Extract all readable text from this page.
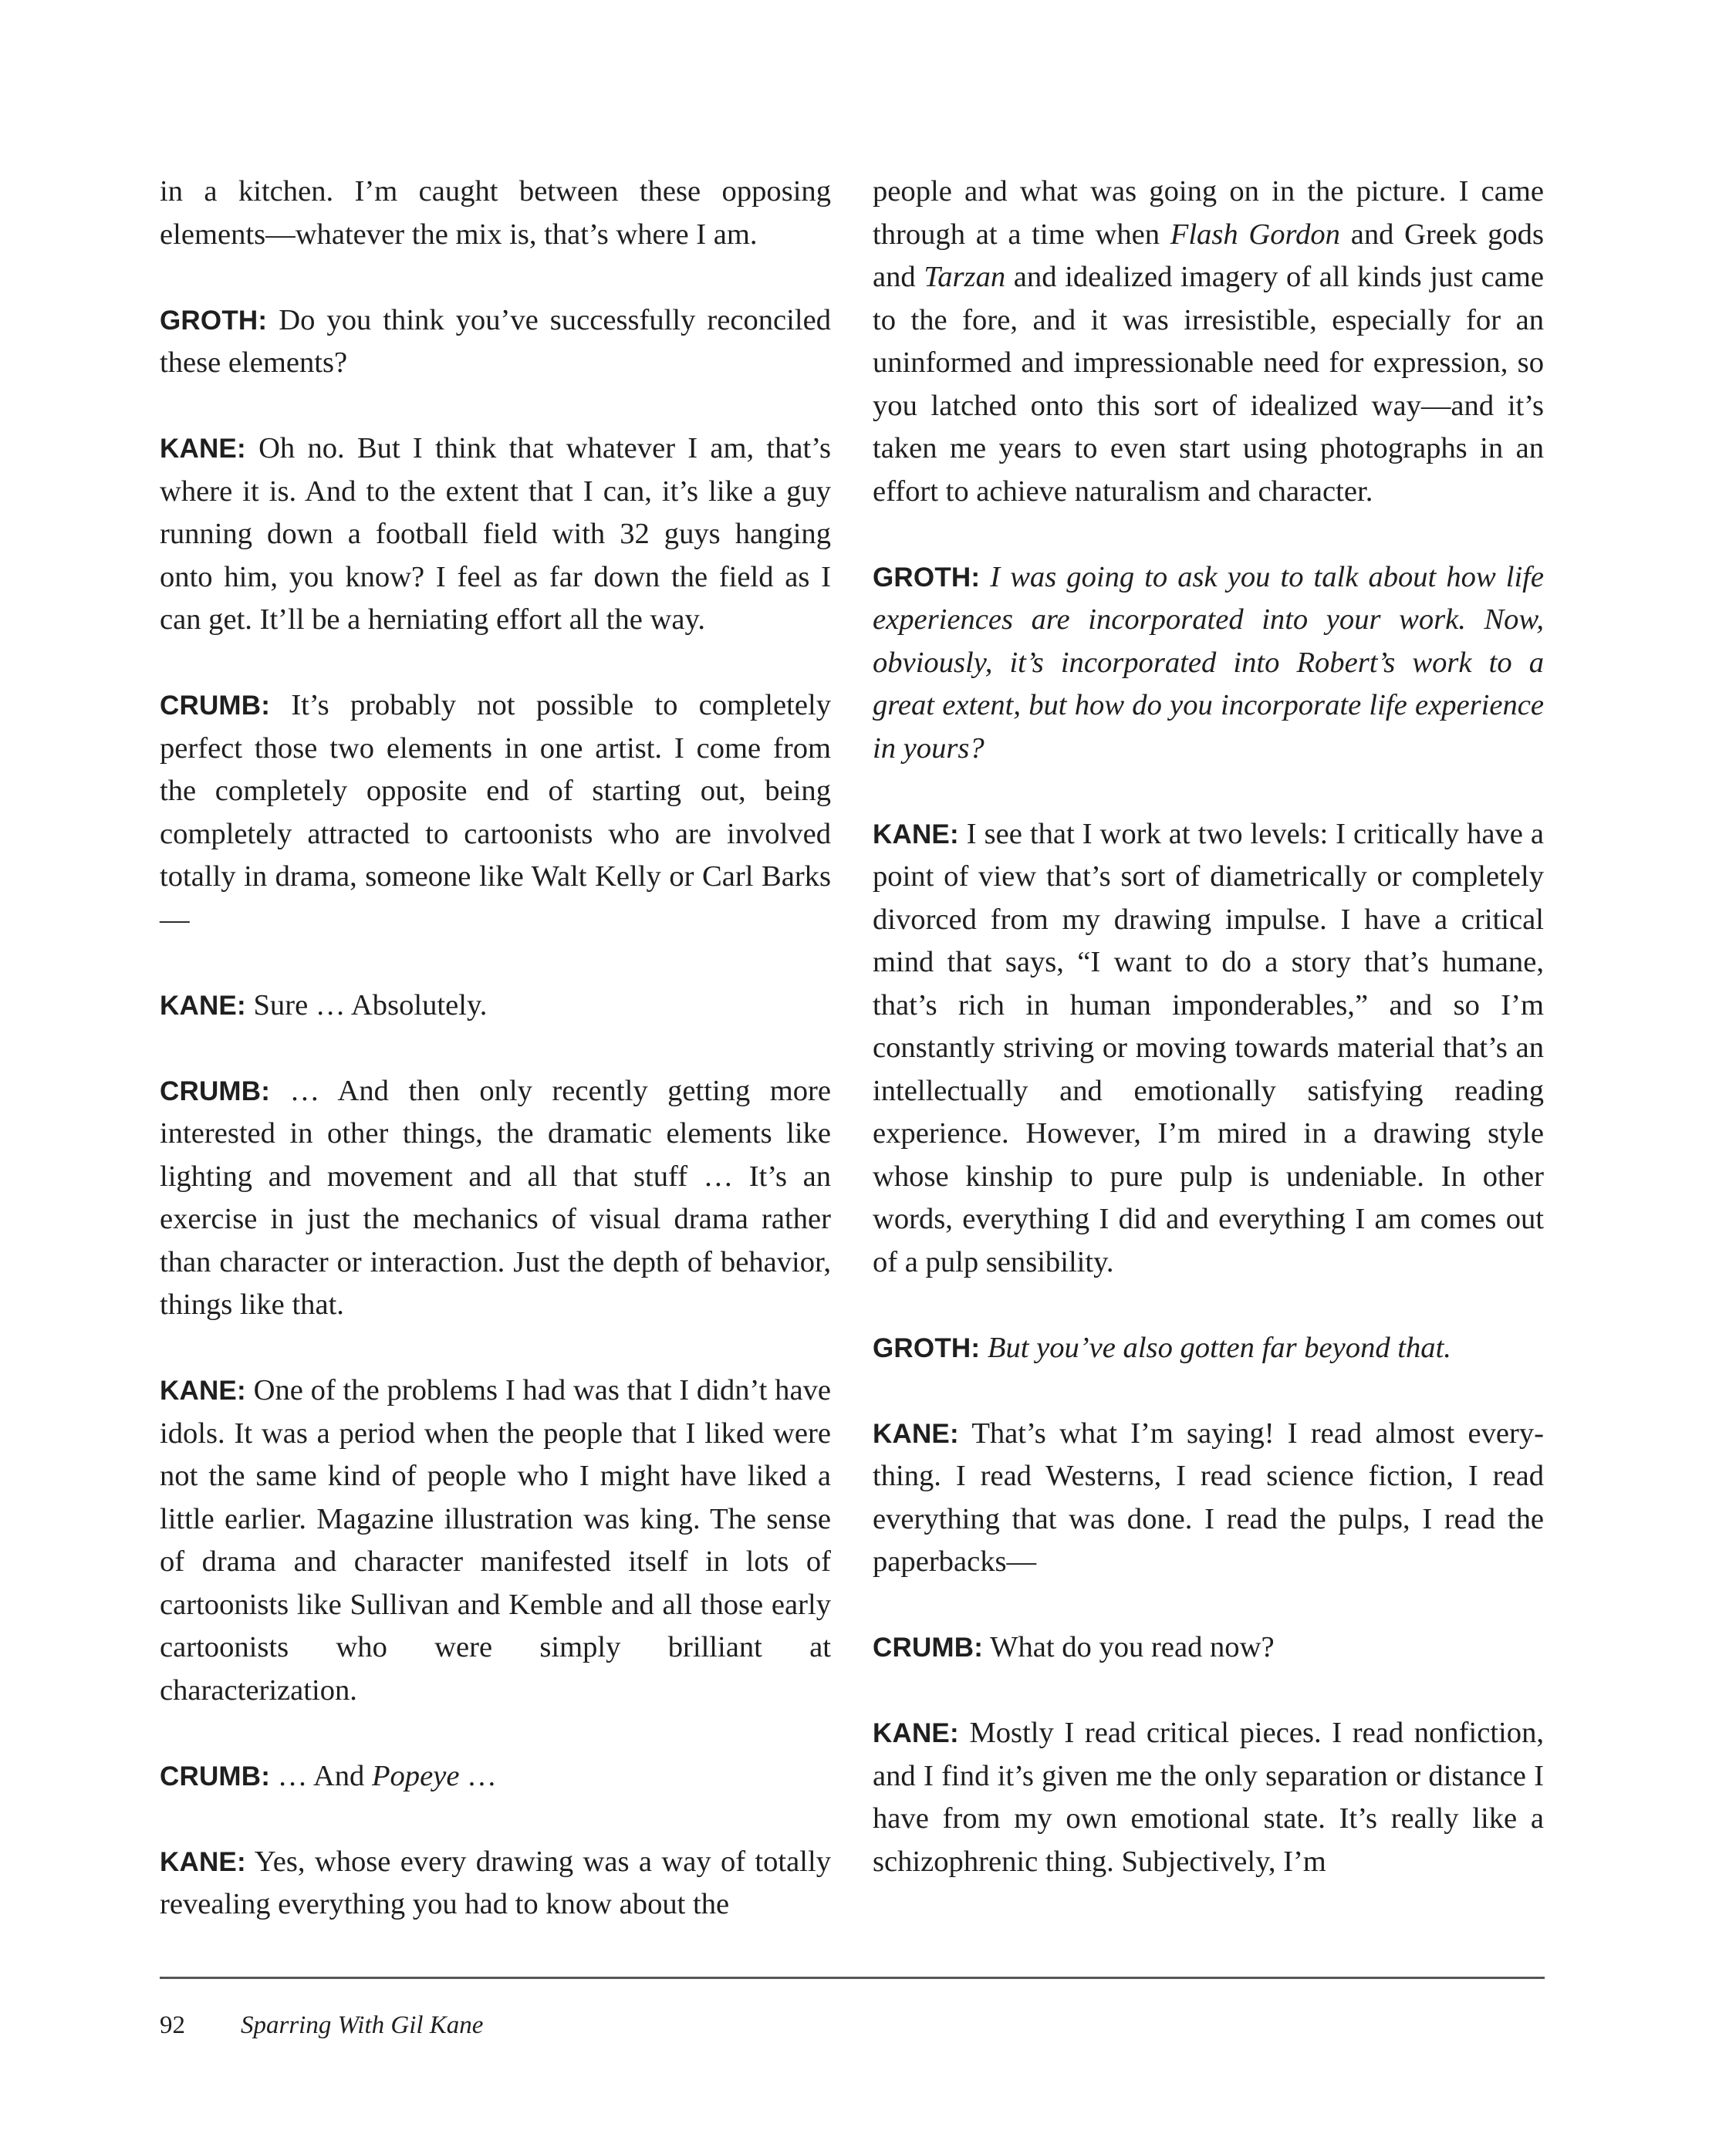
in a kitchen. I’m caught between these opposing elements—whatever the mix is, that’s where I am.

GROTH: Do you think you’ve successfully reconciled these elements?

KANE: Oh no. But I think that whatever I am, that’s where it is. And to the extent that I can, it’s like a guy running down a football field with 32 guys hanging onto him, you know? I feel as far down the field as I can get. It’ll be a herniating effort all the way.

CRUMB: It’s probably not possible to completely perfect those two elements in one artist. I come from the completely opposite end of starting out, being completely attracted to cartoonists who are involved totally in drama, someone like Walt Kelly or Carl Barks—

KANE: Sure … Absolutely.

CRUMB: … And then only recently getting more interested in other things, the dramatic elements like lighting and movement and all that stuff … It’s an exercise in just the mechanics of visual drama rather than character or interaction. Just the depth of behavior, things like that.

KANE: One of the problems I had was that I didn’t have idols. It was a period when the people that I liked were not the same kind of people who I might have liked a little earlier. Magazine illustration was king. The sense of drama and character manifested itself in lots of cartoonists like Sullivan and Kemble and all those early cartoonists who were simply brilliant at characterization.

CRUMB: … And Popeye …

KANE: Yes, whose every drawing was a way of totally revealing everything you had to know about the

people and what was going on in the picture. I came through at a time when Flash Gordon and Greek gods and Tarzan and idealized imagery of all kinds just came to the fore, and it was irresistible, especially for an uninformed and impressionable need for expression, so you latched onto this sort of idealized way—and it’s taken me years to even start using photographs in an effort to achieve naturalism and character.

GROTH: I was going to ask you to talk about how life experiences are incorporated into your work. Now, obviously, it’s incorporated into Robert’s work to a great extent, but how do you incorporate life experience in yours?

KANE: I see that I work at two levels: I critically have a point of view that’s sort of diametrically or completely divorced from my drawing impulse. I have a critical mind that says, “I want to do a story that’s humane, that’s rich in human imponderables,” and so I’m constantly striving or moving towards material that’s an intellectually and emotionally satisfying reading experience. However, I’m mired in a drawing style whose kinship to pure pulp is undeniable. In other words, everything I did and everything I am comes out of a pulp sensibility.

GROTH: But you’ve also gotten far beyond that.

KANE: That’s what I’m saying! I read almost everything. I read Westerns, I read science fiction, I read everything that was done. I read the pulps, I read the paperbacks—

CRUMB: What do you read now?

KANE: Mostly I read critical pieces. I read nonfiction, and I find it’s given me the only separation or distance I have from my own emotional state. It’s really like a schizophrenic thing. Subjectively, I’m

92 Sparring With Gil Kane
